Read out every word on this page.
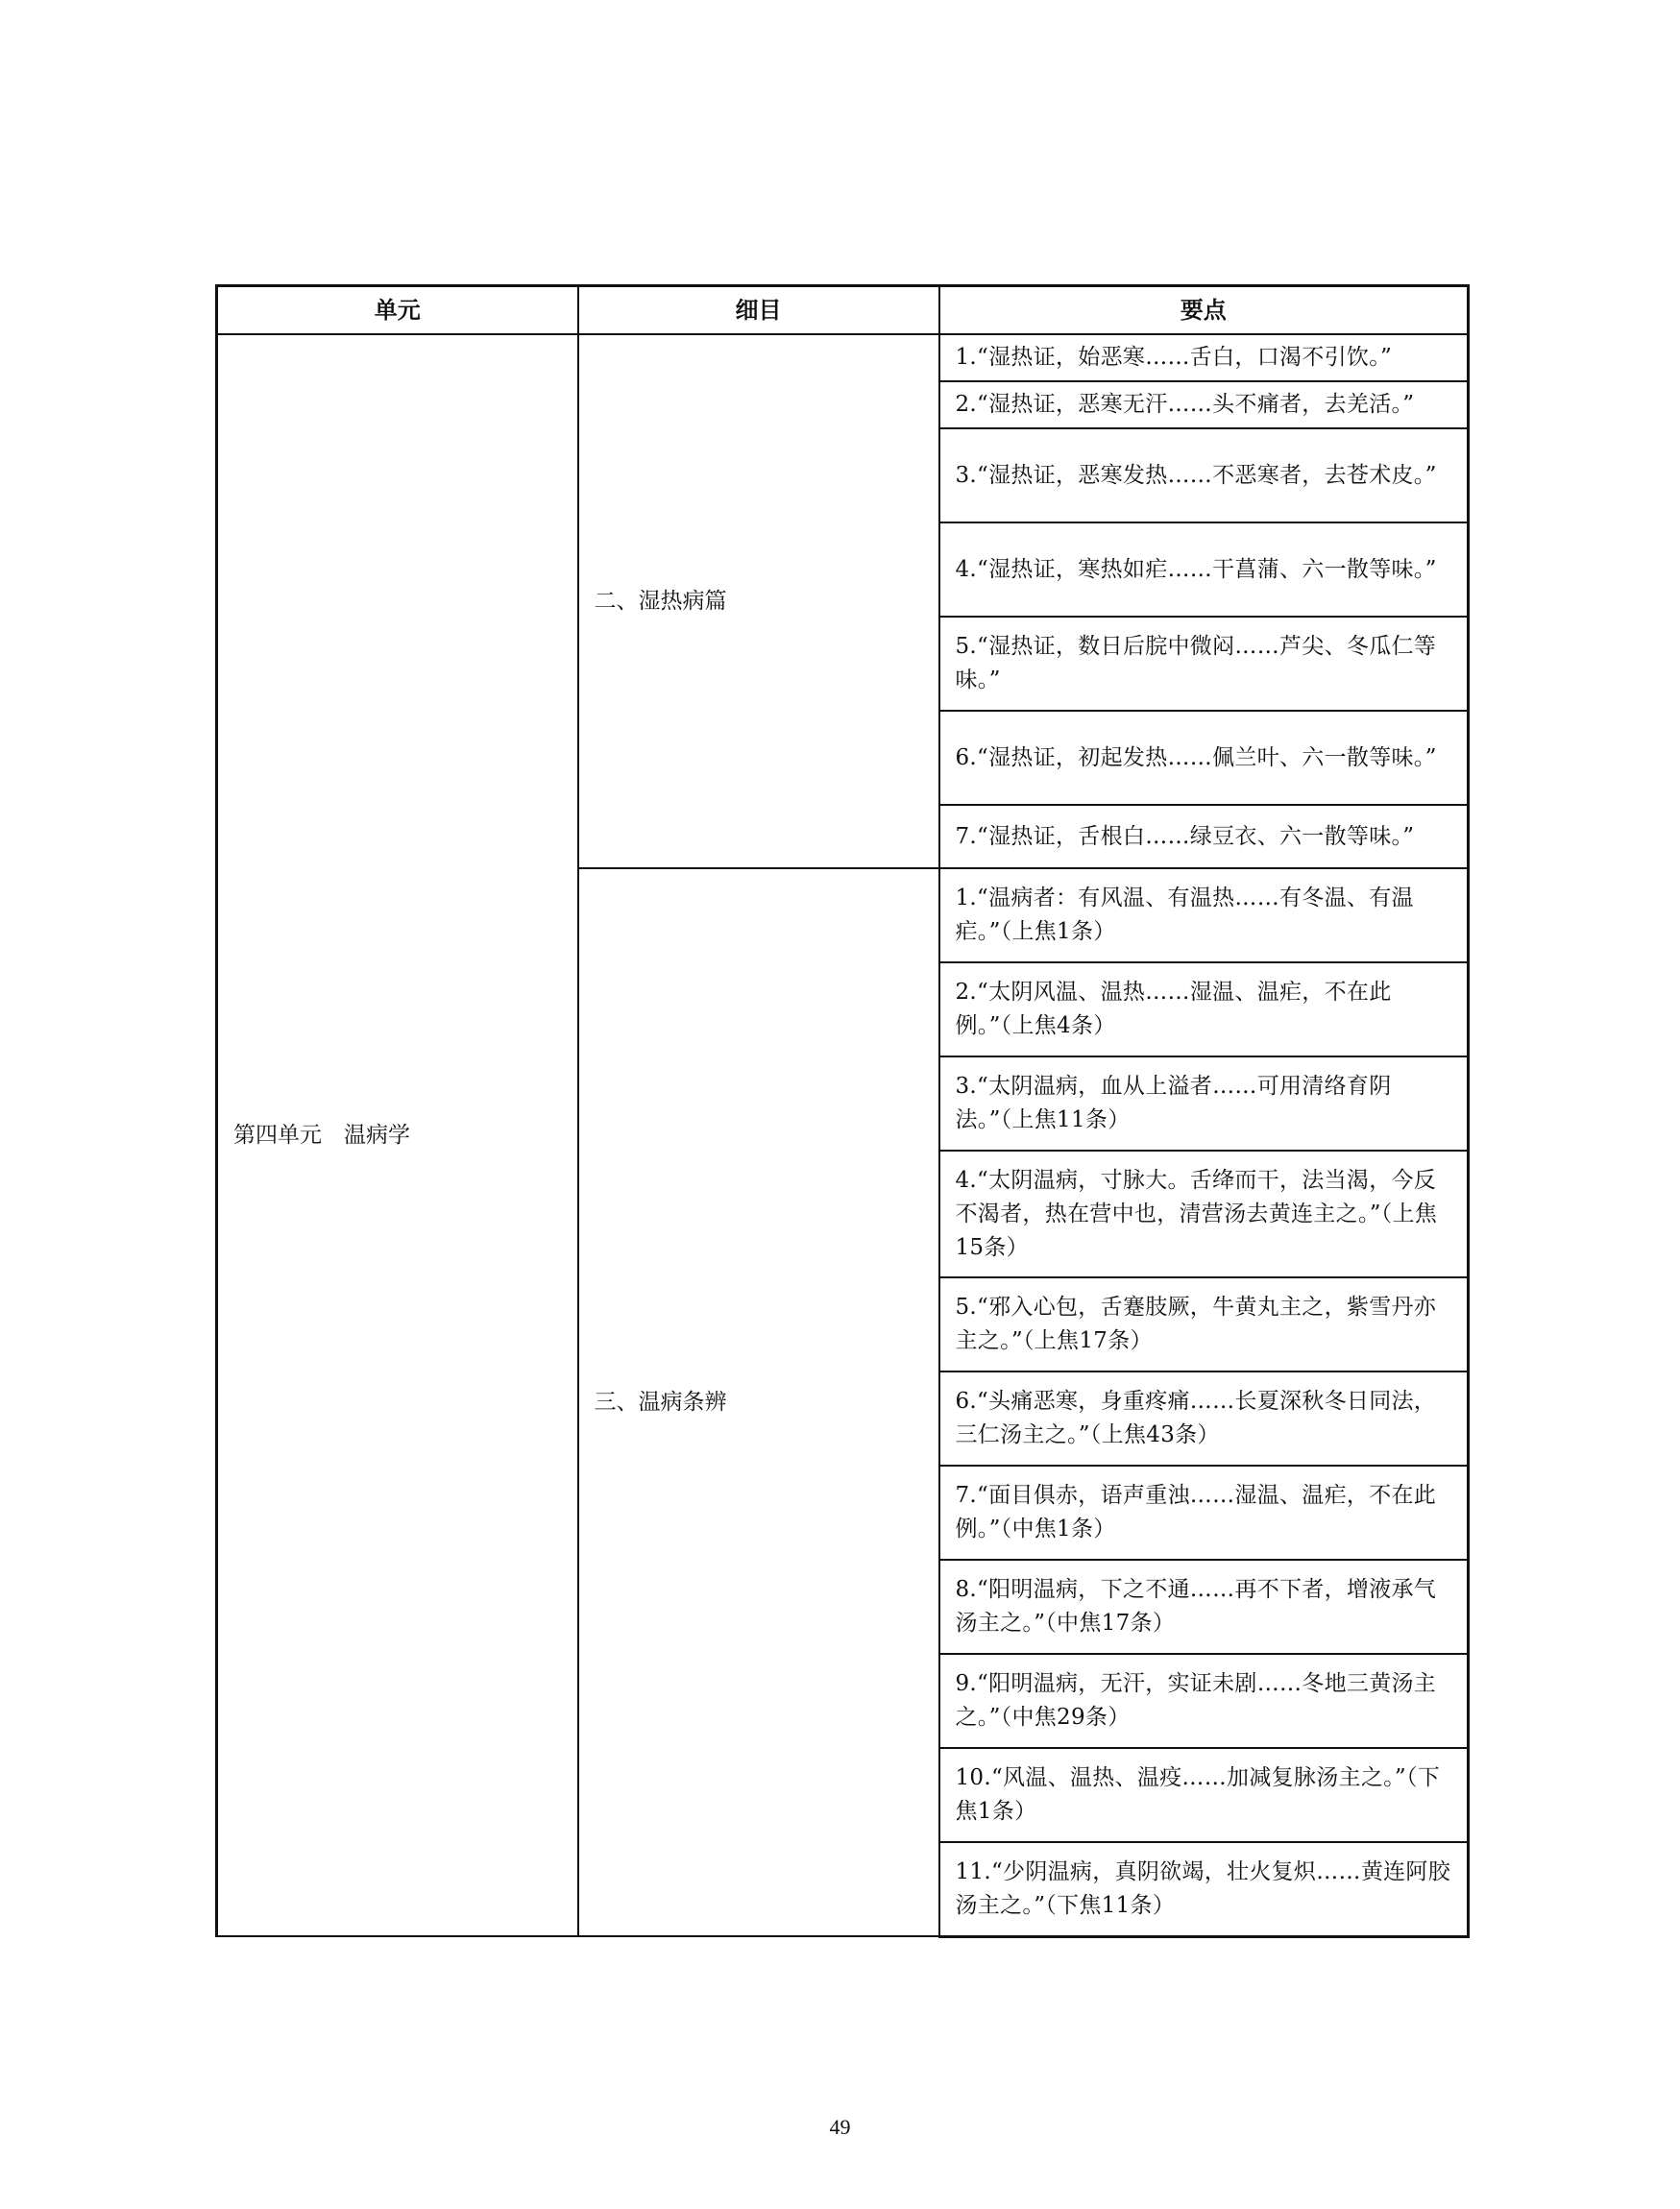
单元	细目	要点
第四单元　温病学	二、湿热病篇	1.“湿热证，始恶寒……舌白，口渴不引饮。”
		2.“湿热证，恶寒无汗……头不痛者，去羌活。”
		3.“湿热证，恶寒发热……不恶寒者，去苍术皮。”
		4.“湿热证，寒热如疟……干菖蒲、六一散等味。”
		5.“湿热证，数日后脘中微闷……芦尖、冬瓜仁等味。”
		6.“湿热证，初起发热……佩兰叶、六一散等味。”
		7.“湿热证，舌根白……绿豆衣、六一散等味。”
	三、温病条辨	1.“温病者：有风温、有温热……有冬温、有温疟。”（上焦1条）
		2.“太阴风温、温热……湿温、温疟，不在此例。”（上焦4条）
		3.“太阴温病，血从上溢者……可用清络育阴法。”（上焦11条）
		4.“太阴温病，寸脉大。舌绛而干，法当渴，今反不渴者，热在营中也，清营汤去黄连主之。”（上焦15条）
		5.“邪入心包，舌蹇肢厥，牛黄丸主之，紫雪丹亦主之。”（上焦17条）
		6.“头痛恶寒，身重疼痛……长夏深秋冬日同法，三仁汤主之。”（上焦43条）
		7.“面目俱赤，语声重浊……湿温、温疟，不在此例。”（中焦1条）
		8.“阳明温病，下之不通……再不下者，增液承气汤主之。”（中焦17条）
		9.“阳明温病，无汗，实证未剧……冬地三黄汤主之。”（中焦29条）
		10.“风温、温热、温疫……加减复脉汤主之。”（下焦1条）
		11.“少阴温病，真阴欲竭，壮火复炽……黄连阿胶汤主之。”（下焦11条）
49
